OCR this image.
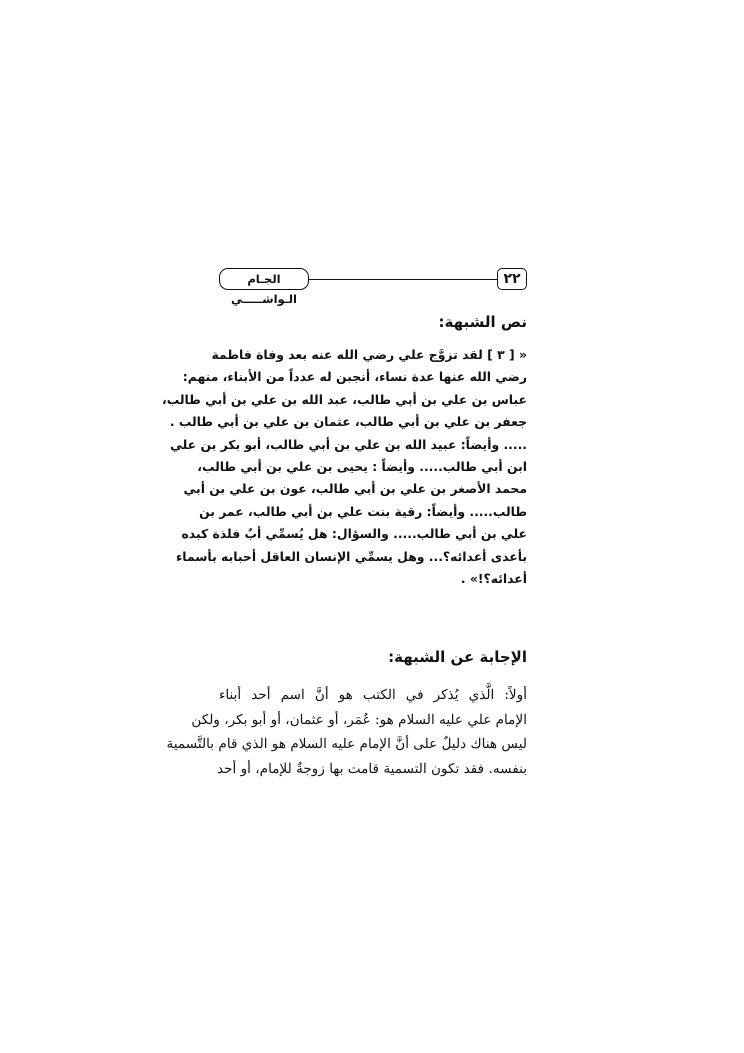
الجـام الـواشـــــي
٢٢
نص الشبهة:
« [ ٣ ] لقد تزوَّج علي رضي الله عنه بعد وفاة فاطمة
رضي الله عنها عدة نساء، أنجبن له عدداً من الأبناء، منهم:
عباس بن علي بن أبي طالب، عبد الله بن علي بن أبي طالب،
جعفر بن علي بن أبي طالب، عثمان بن علي بن أبي طالب .
..... وأيضاً: عبيد الله بن علي بن أبي طالب، أبو بكر بن علي
ابن أبي طالب..... وأيضاً : يحيى بن علي بن أبي طالب،
محمد الأصغر بن علي بن أبي طالب، عون بن علي بن أبي
طالب..... وأيضاً: رقية بنت علي بن أبي طالب، عمر بن
علي بن أبي طالب..... والسؤال: هل يُسمِّي أبٌ فلذة كبده
بأعدى أعدائه؟... وهل يسمِّي الإنسان العاقل أحبابه بأسماء
أعدائه؟!» .
الإجابة عن الشبهة:
أولاً: الَّذي يُذكر في الكتب هو أنَّ اسم أحد أبناء
الإمام علي عليه السلام هو: عُمَر، أو عثمان، أو أبو بكر، ولكن
ليس هناك دليلٌ على أنَّ الإمام عليه السلام هو الذي قام بالتَّسمية
بنفسه. فقد تكون التسمية قامت بها زوجةٌ للإمام، أو أحد
